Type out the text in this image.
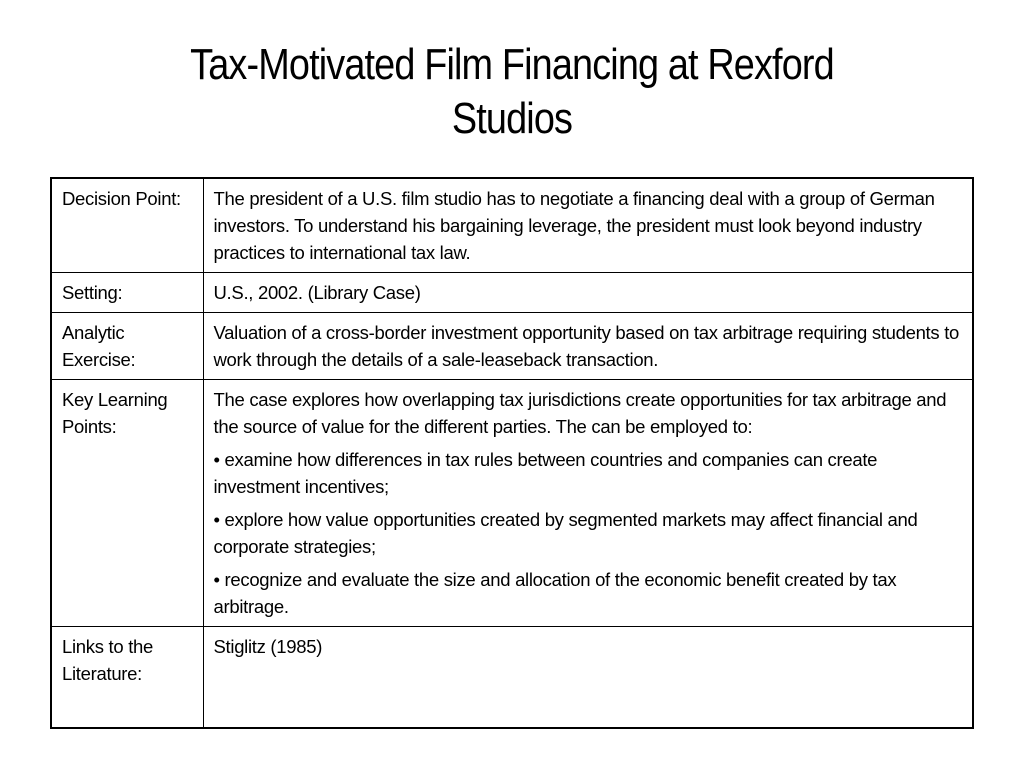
Tax-Motivated Film Financing at Rexford
Studios
Decision Point:	The president of a U.S. film studio has to negotiate a financing deal with a group of German investors. To understand his bargaining leverage, the president must look beyond industry practices to international tax law.

Setting:	U.S., 2002. (Library Case)

Analytic Exercise:	Valuation of a cross-border investment opportunity based on tax arbitrage requiring students to work through the details of a sale-leaseback transaction.

Key Learning Points:	The case explores how overlapping tax jurisdictions create opportunities for tax arbitrage and the source of value for the different parties. The can be employed to:

• examine how differences in tax rules between countries and companies can create investment incentives;

• explore how value opportunities created by segmented markets may affect financial and corporate strategies;

• recognize and evaluate the size and allocation of the economic benefit created by tax arbitrage.

Links to the Literature:	Stiglitz (1985)
